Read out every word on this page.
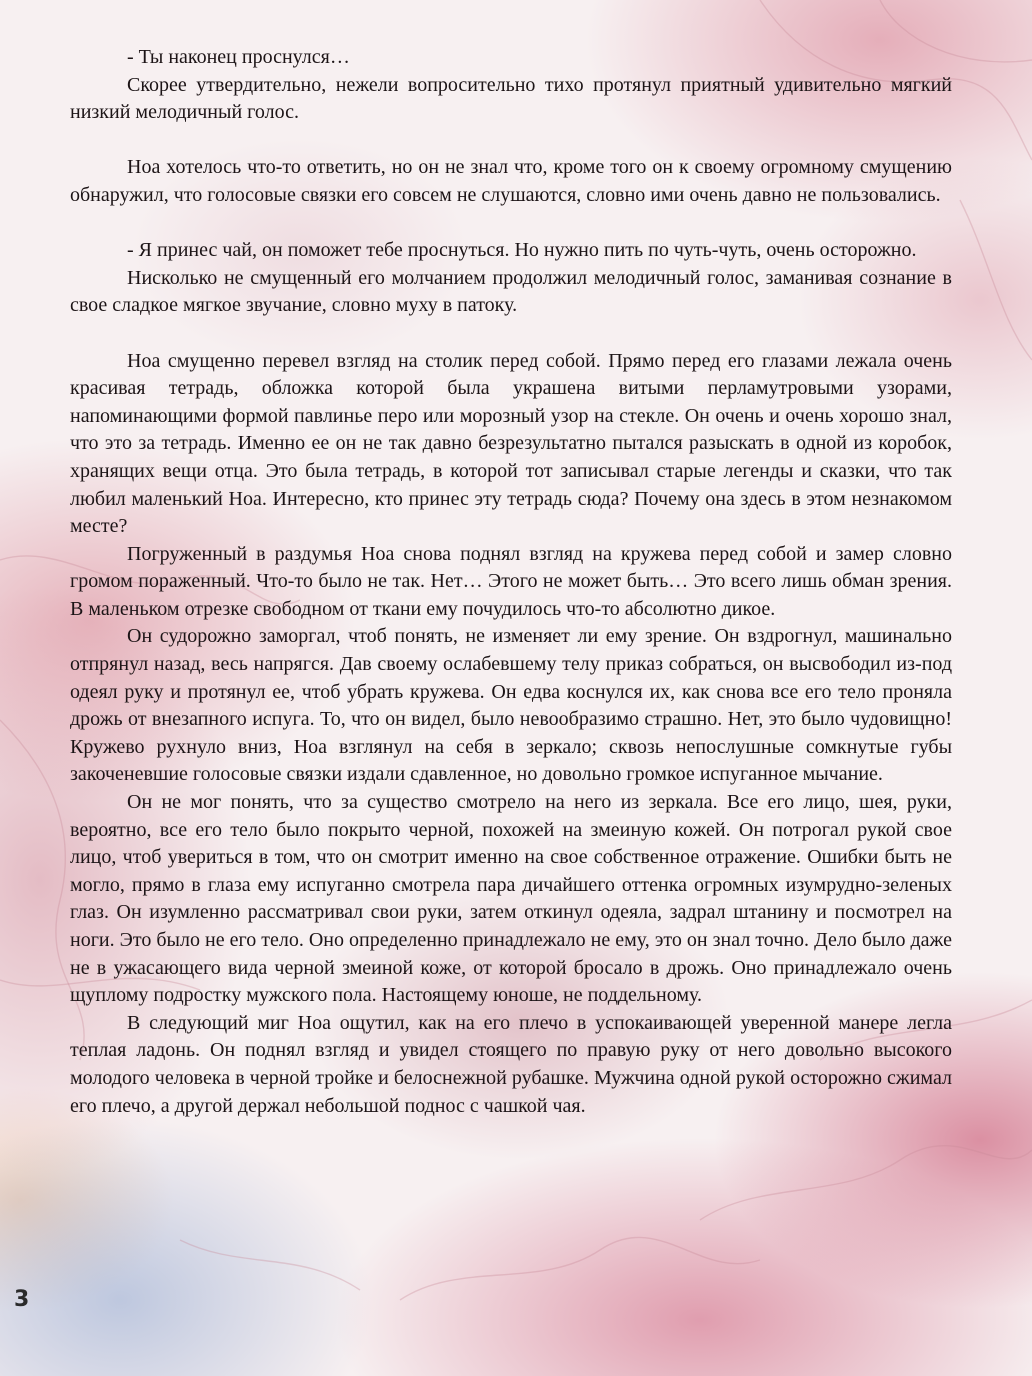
- Ты наконец проснулся…

Скорее утвердительно, нежели вопросительно тихо протянул приятный удивительно мягкий низкий мелодичный голос.

Ноа хотелось что-то ответить, но он не знал что, кроме того он к своему огромному смущению обнаружил, что голосовые связки его совсем не слушаются, словно ими очень давно не пользовались.

- Я принес чай, он поможет тебе проснуться. Но нужно пить по чуть-чуть, очень осторожно.

Нисколько не смущенный его молчанием продолжил мелодичный голос, заманивая сознание в свое сладкое мягкое звучание, словно муху в патоку.

Ноа смущенно перевел взгляд на столик перед собой. Прямо перед его глазами лежала очень красивая тетрадь, обложка которой была украшена витыми перламутровыми узорами, напоминающими формой павлинье перо или морозный узор на стекле. Он очень и очень хорошо знал, что это за тетрадь. Именно ее он не так давно безрезультатно пытался разыскать в одной из коробок, хранящих вещи отца. Это была тетрадь, в которой тот записывал старые легенды и сказки, что так любил маленький Ноа. Интересно, кто принес эту тетрадь сюда? Почему она здесь в этом незнакомом месте?

Погруженный в раздумья Ноа снова поднял взгляд на кружева перед собой и замер словно громом пораженный. Что-то было не так. Нет… Этого не может быть… Это всего лишь обман зрения. В маленьком отрезке свободном от ткани ему почудилось что-то абсолютно дикое.

Он судорожно заморгал, чтоб понять, не изменяет ли ему зрение. Он вздрогнул, машинально отпрянул назад, весь напрягся. Дав своему ослабевшему телу приказ собраться, он высвободил из-под одеял руку и протянул ее, чтоб убрать кружева. Он едва коснулся их, как снова все его тело проняла дрожь от внезапного испуга. То, что он видел, было невообразимо страшно. Нет, это было чудовищно! Кружево рухнуло вниз, Ноа взглянул на себя в зеркало; сквозь непослушные сомкнутые губы закоченевшие голосовые связки издали сдавленное, но довольно громкое испуганное мычание.

Он не мог понять, что за существо смотрело на него из зеркала. Все его лицо, шея, руки, вероятно, все его тело было покрыто черной, похожей на змеиную кожей. Он потрогал рукой свое лицо, чтоб увериться в том, что он смотрит именно на свое собственное отражение. Ошибки быть не могло, прямо в глаза ему испуганно смотрела пара дичайшего оттенка огромных изумрудно-зеленых глаз. Он изумленно рассматривал свои руки, затем откинул одеяла, задрал штанину и посмотрел на ноги. Это было не его тело. Оно определенно принадлежало не ему, это он знал точно. Дело было даже не в ужасающего вида черной змеиной коже, от которой бросало в дрожь. Оно принадлежало очень щуплому подростку мужского пола. Настоящему юноше, не поддельному.

В следующий миг Ноа ощутил, как на его плечо в успокаивающей уверенной манере легла теплая ладонь. Он поднял взгляд и увидел стоящего по правую руку от него довольно высокого молодого человека в черной тройке и белоснежной рубашке. Мужчина одной рукой осторожно сжимал его плечо, а другой держал небольшой поднос с чашкой чая.

3
